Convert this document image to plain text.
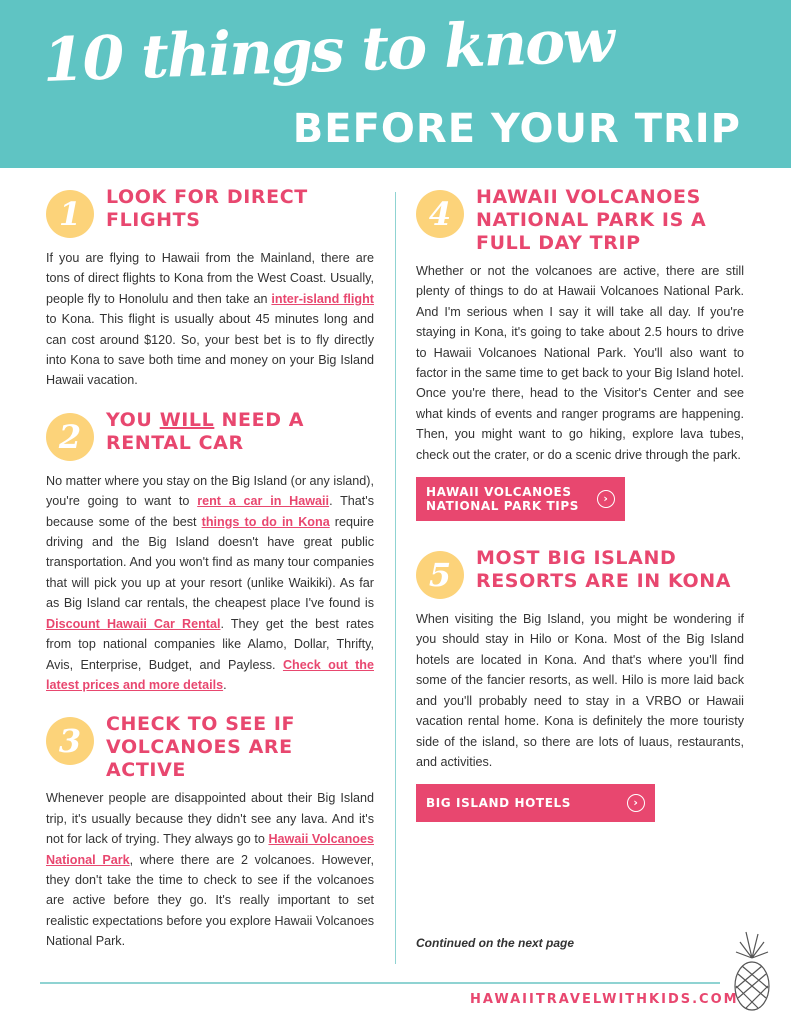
10 things to know
BEFORE YOUR TRIP
1	LOOK FOR DIRECT FLIGHTS
If you are flying to Hawaii from the Mainland, there are tons of direct flights to Kona from the West Coast. Usually, people fly to Honolulu and then take an inter-island flight to Kona. This flight is usually about 45 minutes long and can cost around $120. So, your best bet is to fly directly into Kona to save both time and money on your Big Island Hawaii vacation.
2	YOU WILL NEED A RENTAL CAR
No matter where you stay on the Big Island (or any island), you're going to want to rent a car in Hawaii. That's because some of the best things to do in Kona require driving and the Big Island doesn't have great public transportation. And you won't find as many tour companies that will pick you up at your resort (unlike Waikiki). As far as Big Island car rentals, the cheapest place I've found is Discount Hawaii Car Rental. They get the best rates from top national companies like Alamo, Dollar, Thrifty, Avis, Enterprise, Budget, and Payless. Check out the latest prices and more details.
3	CHECK TO SEE IF VOLCANOES ARE ACTIVE
Whenever people are disappointed about their Big Island trip, it's usually because they didn't see any lava. And it's not for lack of trying. They always go to Hawaii Volcanoes National Park, where there are 2 volcanoes. However, they don't take the time to check to see if the volcanoes are active before they go. It's really important to set realistic expectations before you explore Hawaii Volcanoes National Park.
4	HAWAII VOLCANOES NATIONAL PARK IS A FULL DAY TRIP
Whether or not the volcanoes are active, there are still plenty of things to do at Hawaii Volcanoes National Park. And I'm serious when I say it will take all day. If you're staying in Kona, it's going to take about 2.5 hours to drive to Hawaii Volcanoes National Park. You'll also want to factor in the same time to get back to your Big Island hotel. Once you're there, head to the Visitor's Center and see what kinds of events and ranger programs are happening. Then, you might want to go hiking, explore lava tubes, check out the crater, or do a scenic drive through the park.
HAWAII VOLCANOES
NATIONAL PARK TIPS
›
5	MOST BIG ISLAND RESORTS ARE IN KONA
When visiting the Big Island, you might be wondering if you should stay in Hilo or Kona. Most of the Big Island hotels are located in Kona. And that's where you'll find some of the fancier resorts, as well. Hilo is more laid back and you'll probably need to stay in a VRBO or Hawaii vacation rental home. Kona is definitely the more touristy side of the island, so there are lots of luaus, restaurants, and activities.
BIG ISLAND HOTELS	›
Continued on the next page
HAWAIITRAVELWITHKIDS.COM
